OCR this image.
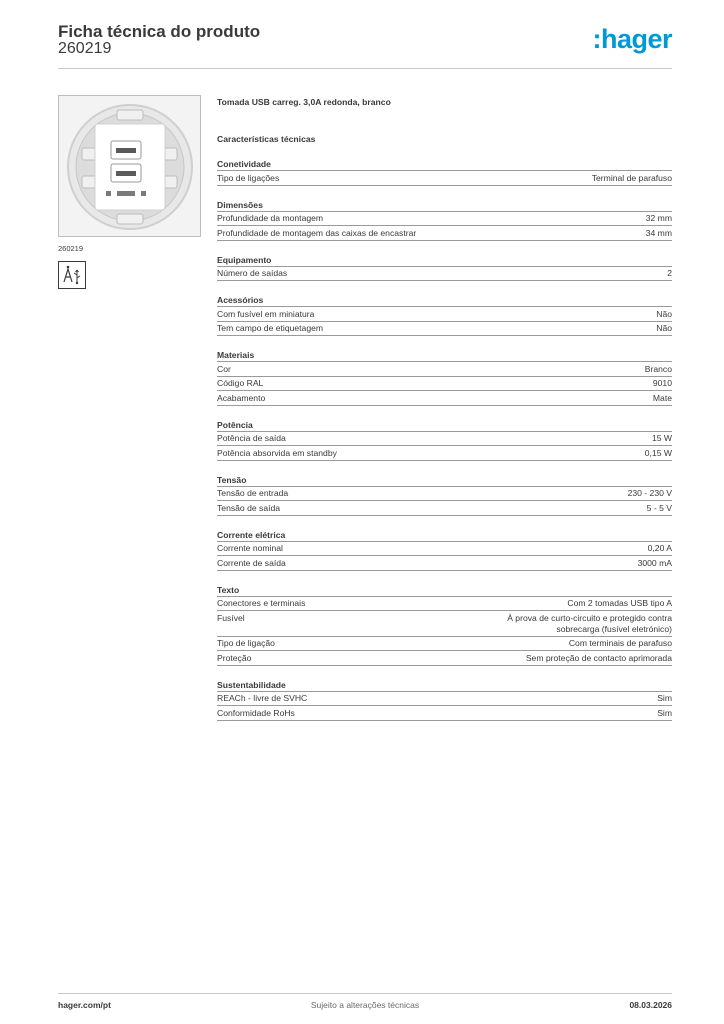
Ficha técnica do produto
260219	:hager
260219
Tomada USB carreg. 3,0A redonda, branco
Características técnicas
Conetividade
Tipo de ligações	Terminal de parafuso
Dimensões
Profundidade da montagem	32 mm
Profundidade de montagem das caixas de encastrar	34 mm
Equipamento
Número de saídas	2
Acessórios
Com fusível em miniatura	Não
Tem campo de etiquetagem	Não
Materiais
Cor	Branco
Código RAL	9010
Acabamento	Mate
Potência
Potência de saída	15 W
Potência absorvida em standby	0,15 W
Tensão
Tensão de entrada	230 - 230 V
Tensão de saída	5 - 5 V
Corrente elétrica
Corrente nominal	0,20 A
Corrente de saída	3000 mA
Texto
Conectores e terminais	Com 2 tomadas USB tipo A
Fusível	À prova de curto-circuito e protegido contra sobrecarga (fusível eletrónico)
Tipo de ligação	Com terminais de parafuso
Proteção	Sem proteção de contacto aprimorada
Sustentabilidade
REACh - livre de SVHC	Sim
Conformidade RoHs	Sim
hager.com/pt	Sujeito a alterações técnicas	08.03.2026
